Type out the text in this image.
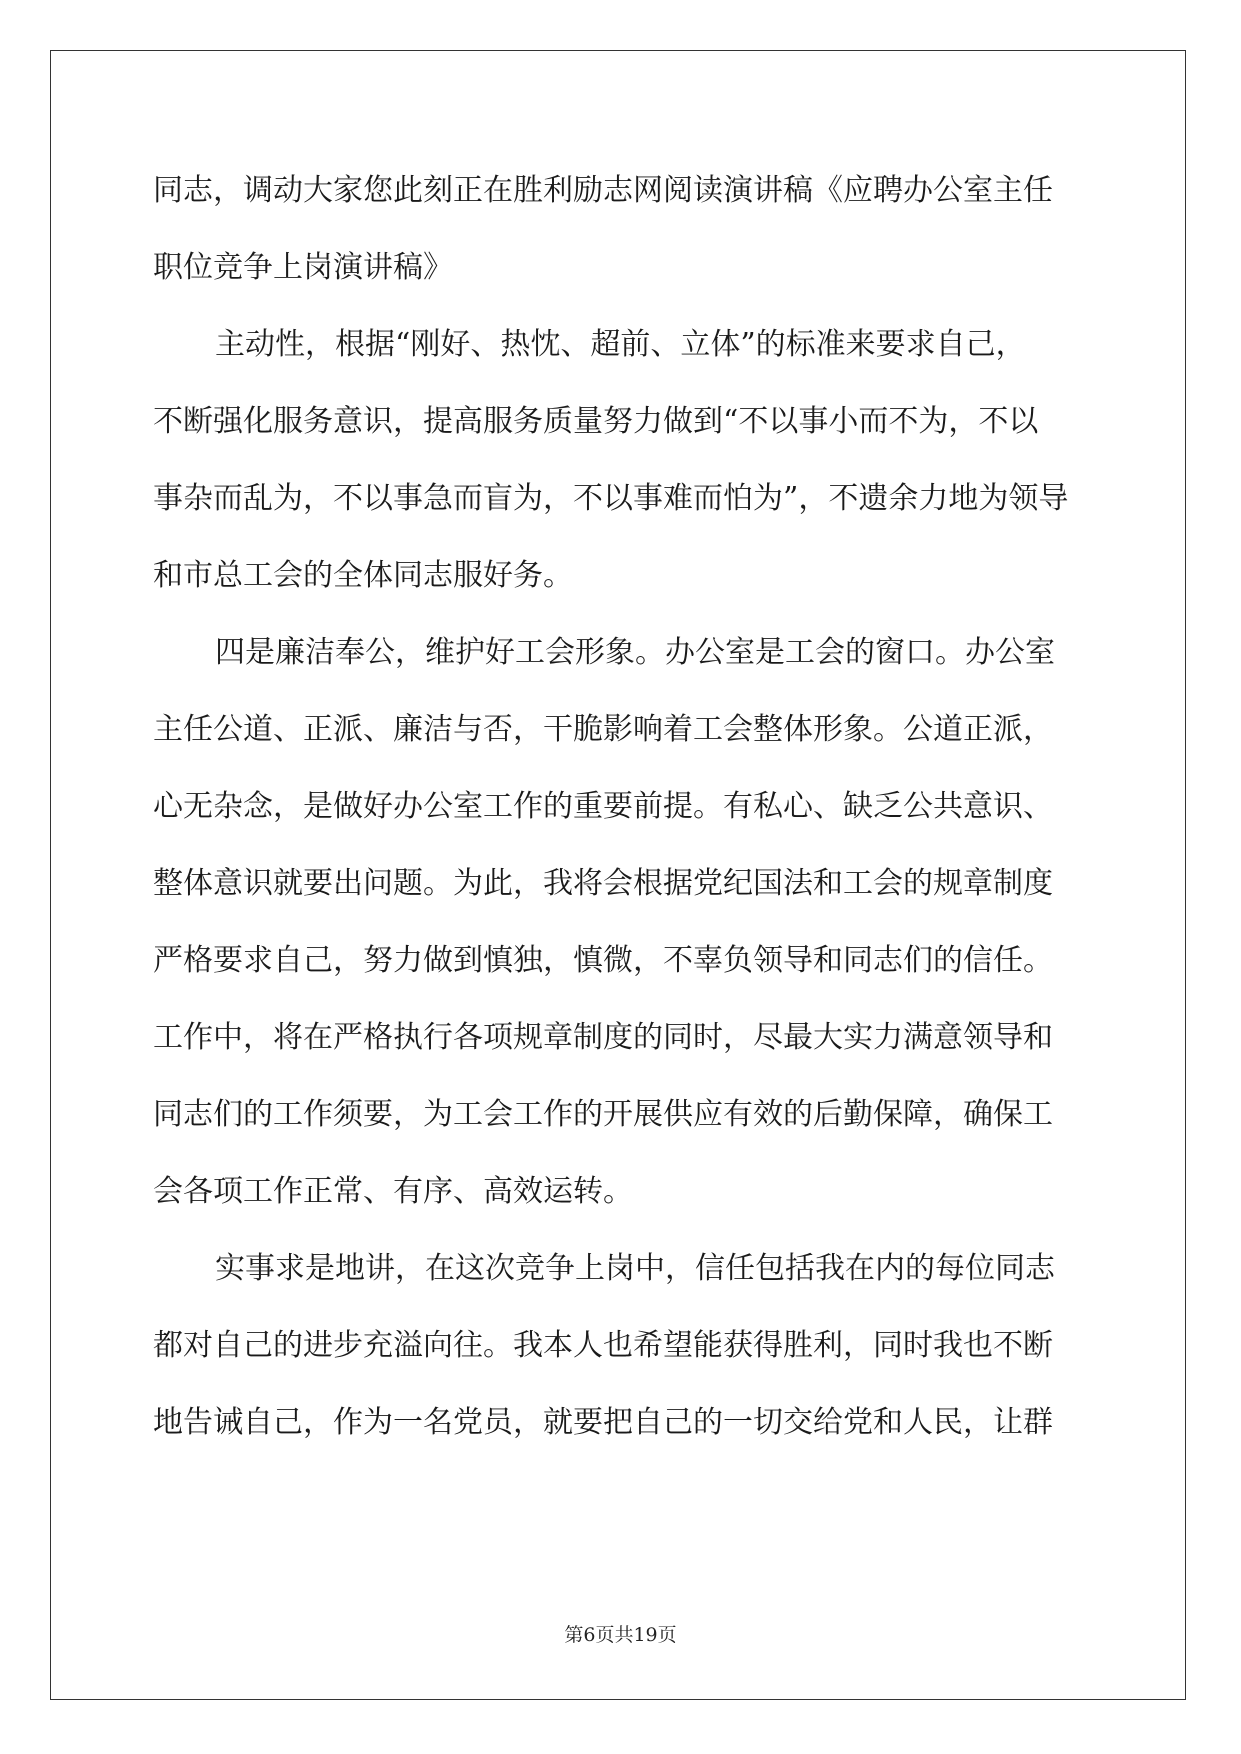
同志，调动大家您此刻正在胜利励志网阅读演讲稿《应聘办公室主任
职位竞争上岗演讲稿》
主动性，根据“刚好、热忱、超前、立体”的标准来要求自己，
不断强化服务意识，提高服务质量努力做到“不以事小而不为，不以
事杂而乱为，不以事急而盲为，不以事难而怕为”，不遗余力地为领导
和市总工会的全体同志服好务。
四是廉洁奉公，维护好工会形象。办公室是工会的窗口。办公室
主任公道、正派、廉洁与否，干脆影响着工会整体形象。公道正派，
心无杂念，是做好办公室工作的重要前提。有私心、缺乏公共意识、
整体意识就要出问题。为此，我将会根据党纪国法和工会的规章制度
严格要求自己，努力做到慎独，慎微，不辜负领导和同志们的信任。
工作中，将在严格执行各项规章制度的同时，尽最大实力满意领导和
同志们的工作须要，为工会工作的开展供应有效的后勤保障，确保工
会各项工作正常、有序、高效运转。
实事求是地讲，在这次竞争上岗中，信任包括我在内的每位同志
都对自己的进步充溢向往。我本人也希望能获得胜利，同时我也不断
地告诫自己，作为一名党员，就要把自己的一切交给党和人民，让群
第6页共19页
